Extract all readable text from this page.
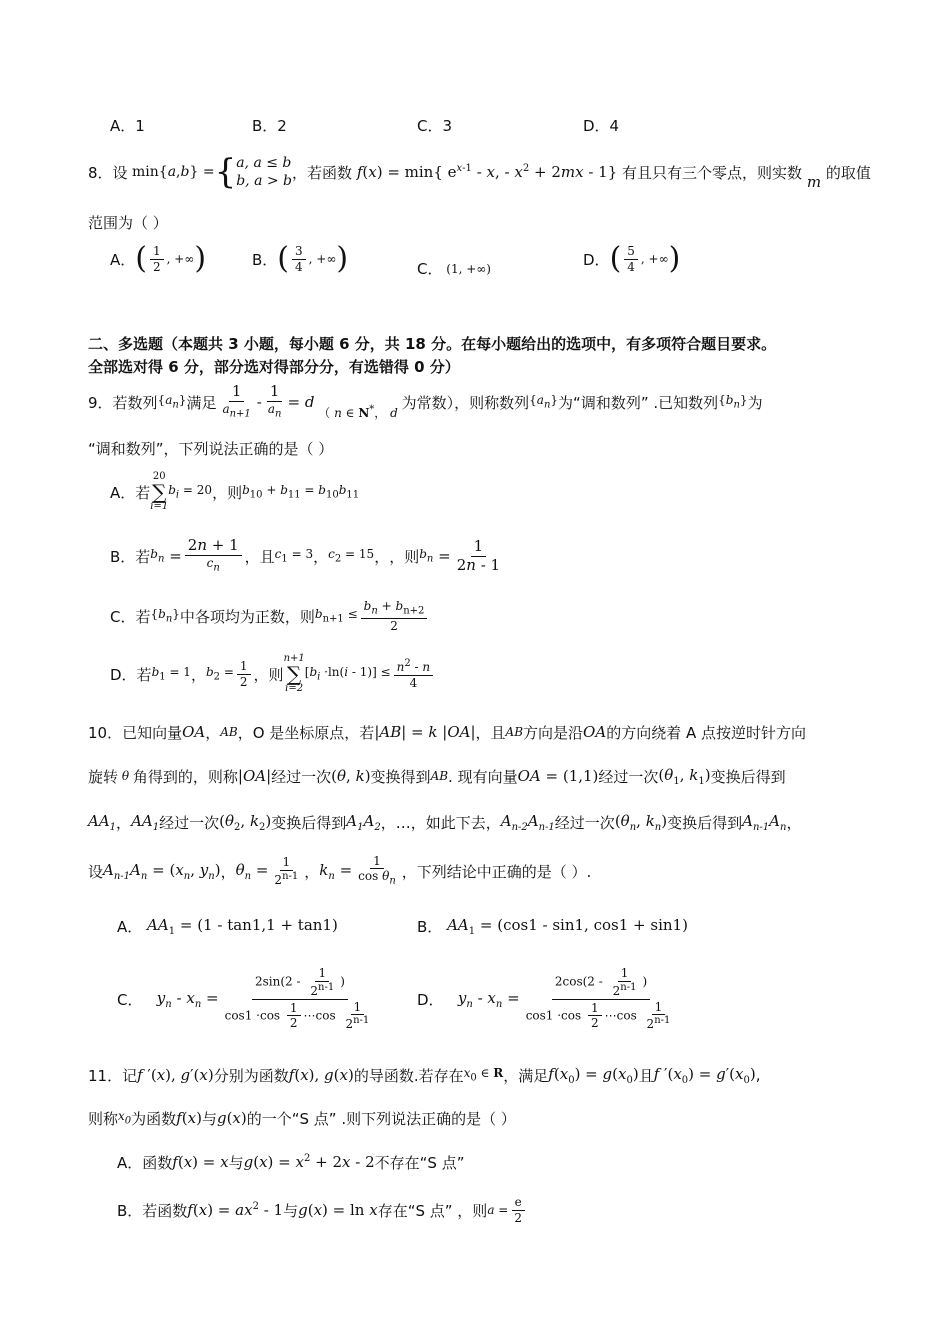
A．1	B．2	C．3	D．4
8．设 min{a,b} = { a, a ≤ b
b, a > b ，若函数 f(x) = min{ $e^{x-1}$ - x, - $x^2 + 2mx - 1$} 有且只有三个零点，则实数
m
的取值
范围为（ ）
A． ( $\frac{1}{2}$ , +∞ )	B． ( $\frac{3}{4}$ , +∞ )	C． (1, +∞)	D． ( $\frac{5}{4}$ , +∞ )
二、多选题（本题共 3 小题，每小题 6 分，共 18 分。在每小题给出的选项中，有多项符合题目要求。
全部选对得 6 分，部分选对得部分分，有选错得 0 分）
9．若数列 $\{a_n\}$ 满足 $\frac{1}{a_{n+1}} - \frac{1}{a_n} = d$
（ n ∈ N*， d
为常数），则称数列 $\{a_n\}$ 为“调和数列” .已知数列 $\{b_n\}$ 为
“调和数列”，下列说法正确的是（ ）
A．若
20
∑
i=1
$b_i = 20$ ，则 $b_{10} + b_{11} = b_{10}b_{11}$
B．若 $b_n = \frac{2n + 1}{c_n}$ ，且 $c_1 = 3$ ， $c_2 = 15$ ， ，则 $b_n = \frac{1}{2n - 1}$
C．若 $\{b_n\}$ 中各项均为正数，则 $b_{n+1} \le \frac{b_n + b_{n+2}}{2}$
D．若 $b_1 = 1$ ， $b_2 = \frac{1}{2}$ ，则
n+1
∑
i=2
$[b_i \cdot\ln(i - 1)] \le \frac{n^2 - n}{4}$
10．已知向量 OA ， AB ，O 是坐标原点，若 |AB| = k |OA| ，且 AB 方向是沿 OA 的方向绕着 A 点按逆时针方向
旋转 θ 角得到的，则称 |OA| 经过一次 (θ, k) 变换得到 AB . 现有向量 OA = (1,1) 经过一次 ($\theta_1$, $k_1$) 变换后得到
$AA_1$ ， $AA_1$ 经过一次 ($\theta_2$, $k_2$) 变换后得到 $A_1A_2$ ，…，如此下去， $A_{n-2}A_{n-1}$ 经过一次 ($\theta_n$, $k_n$) 变换后得到 $A_{n-1}A_n$ ，
设 $A_{n-1}A_n = (x_n$, $y_n$) ， $\theta_n = \frac{1}{2^{n-1}}$ ， $k_n = \frac{1}{\cos \theta_n}$ ，下列结论中正确的是（ ）.
A． $AA_1 = (1 - \tan 1,1 + \tan 1)$	B． $AA_1 = (\cos 1 - \sin 1$, cos1 + sin1)
C． $y_n - x_n = \frac{2\sin(2 - \frac{1}{2^{n-1}} )}{\cos 1 \cdot\cos \frac{1}{2} \cdots\cos \frac{1}{2^{n-1}}}$	D． $y_n - x_n = \frac{2\cos(2 - \frac{1}{2^{n-1}} )}{\cos 1 \cdot\cos \frac{1}{2} \cdots\cos \frac{1}{2^{n-1}}}$
11．记 f ′(x), g′(x) 分别为函数 f(x), g(x) 的导函数.若存在 $x_0$ ∈ R ，满足 $f(x_0) = g(x_0)$ 且 f $'(x_0) = g'(x_0)$ ,
则称 $x_0$ 为函数 f(x) 与 g(x) 的一个“S 点” .则下列说法正确的是（ ）
A．函数 f(x) = x 与 $g(x) = x^2 + 2x - 2$ 不存在“S 点”
B．若函数 $f(x) = ax^2 - 1$ 与 g(x) = ln x 存在“S 点” ，则 $a = \frac{e}{2}$
